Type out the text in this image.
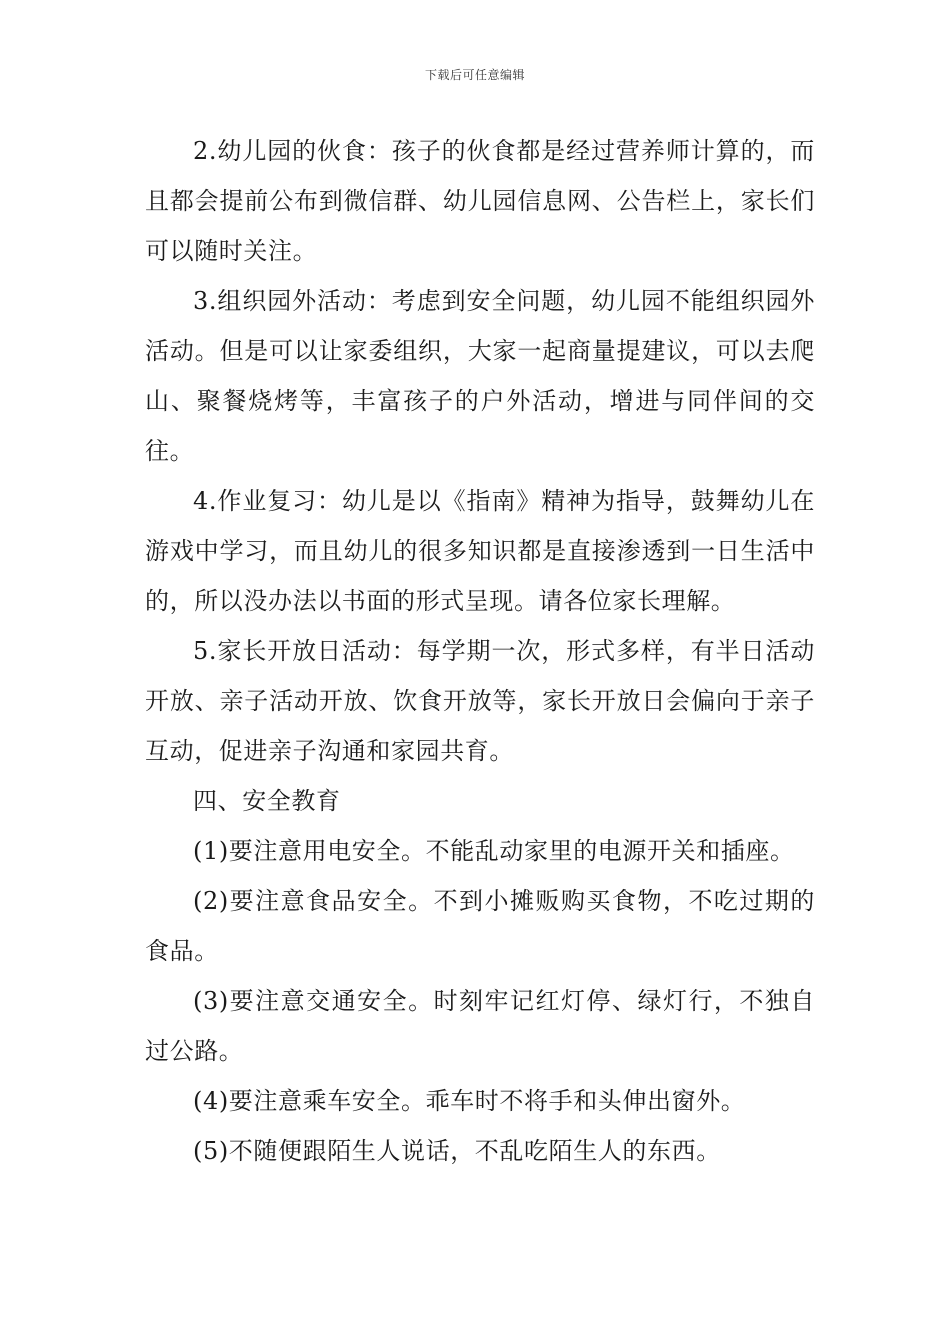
下载后可任意编辑

2.幼儿园的伙食：孩子的伙食都是经过营养师计算的，而且都会提前公布到微信群、幼儿园信息网、公告栏上，家长们可以随时关注。

3.组织园外活动：考虑到安全问题，幼儿园不能组织园外活动。但是可以让家委组织，大家一起商量提建议，可以去爬山、聚餐烧烤等，丰富孩子的户外活动，增进与同伴间的交往。

4.作业复习：幼儿是以《指南》精神为指导，鼓舞幼儿在游戏中学习，而且幼儿的很多知识都是直接渗透到一日生活中的，所以没办法以书面的形式呈现。请各位家长理解。

5.家长开放日活动：每学期一次，形式多样，有半日活动开放、亲子活动开放、饮食开放等，家长开放日会偏向于亲子互动，促进亲子沟通和家园共育。

四、安全教育

(1)要注意用电安全。不能乱动家里的电源开关和插座。

(2)要注意食品安全。不到小摊贩购买食物，不吃过期的食品。

(3)要注意交通安全。时刻牢记红灯停、绿灯行，不独自过公路。

(4)要注意乘车安全。乖车时不将手和头伸出窗外。

(5)不随便跟陌生人说话，不乱吃陌生人的东西。
